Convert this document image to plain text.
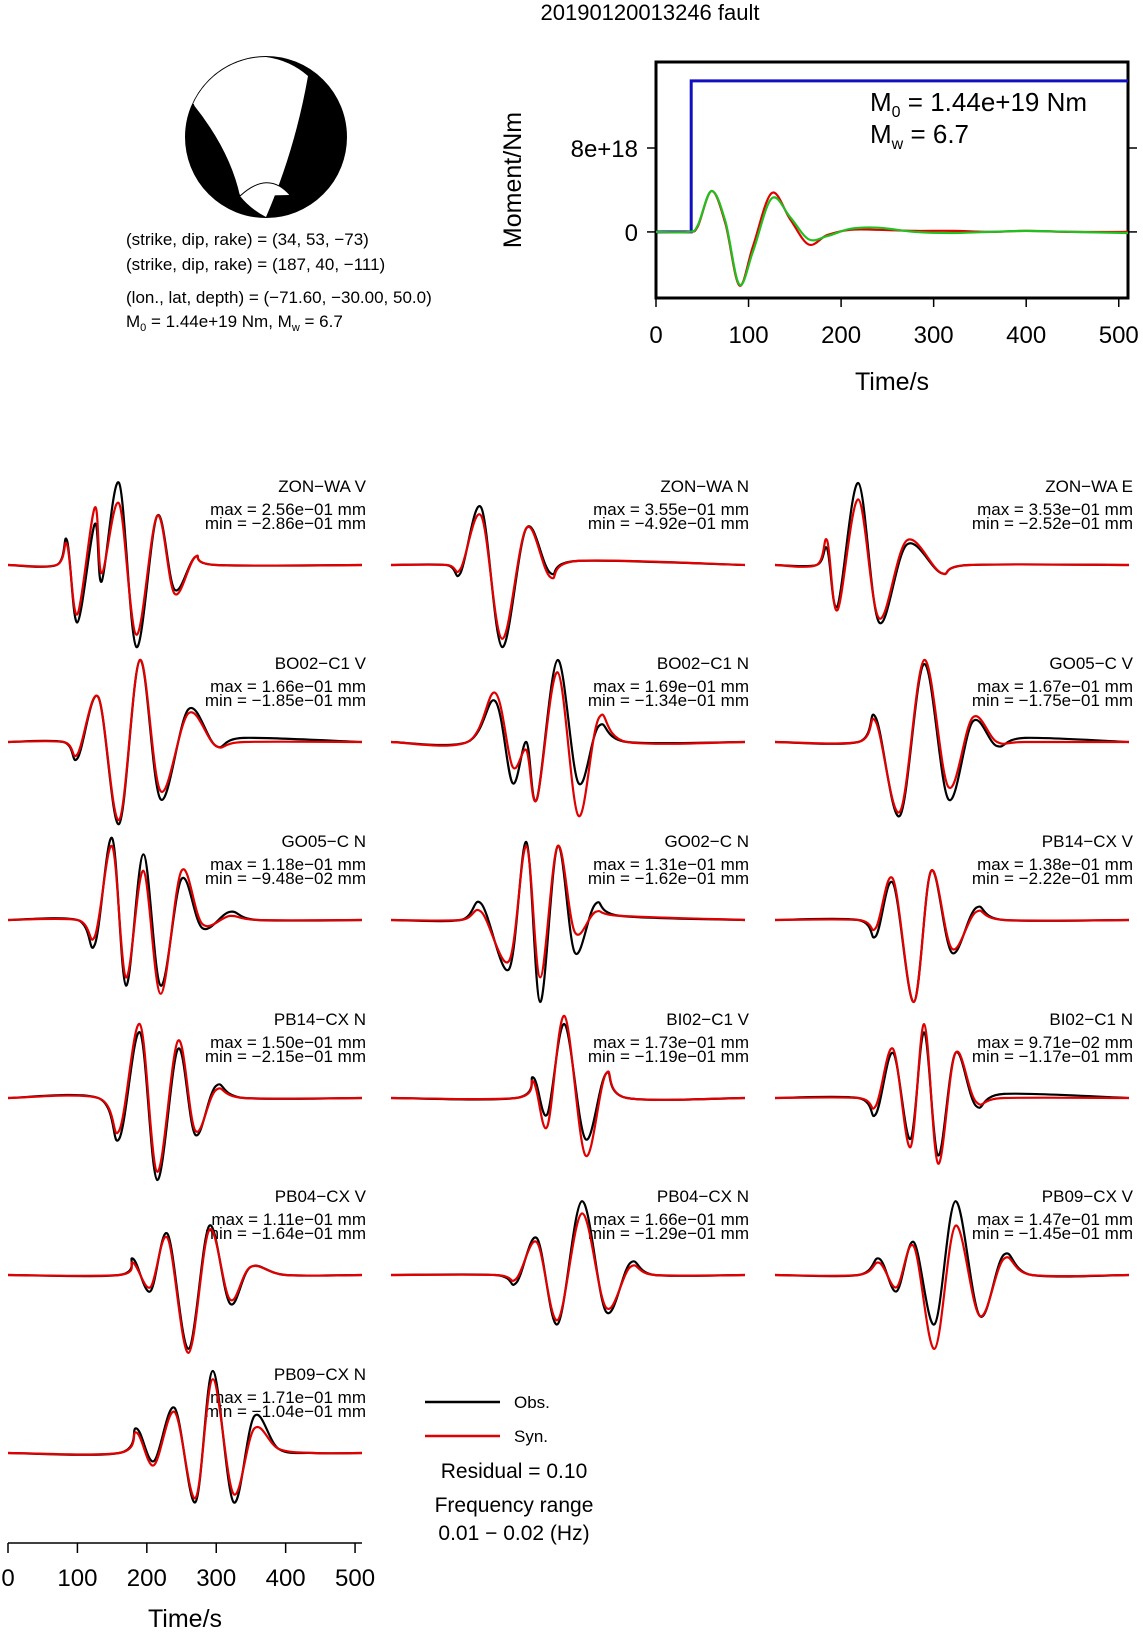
20190120013246 fault
(strike, dip, rake) = (34, 53, −73)
(strike, dip, rake) = (187, 40, −111)
(lon., lat, depth) = (−71.60, −30.00, 50.0)
$M_0 = 1.44e+19$ Nm, $M_w = 6.7$
0	100 200 300 400 500
0
8e+18
Time/s
Moment/Nm
$M_0 = 1.44e+19$ Nm
$M_w = 6.7$
ZON−WA V
max = 2.56e−01 mm
min = −2.86e−01 mm
ZON−WA N
max = 3.55e−01 mm
min = −4.92e−01 mm
ZON−WA E
max = 3.53e−01 mm
min = −2.52e−01 mm
BO02−C1 V
max = 1.66e−01 mm
min = −1.85e−01 mm
BO02−C1 N
max = 1.69e−01 mm
min = −1.34e−01 mm
GO05−C V
max = 1.67e−01 mm
min = −1.75e−01 mm
GO05−C N
max = 1.18e−01 mm
min = −9.48e−02 mm
GO02−C N
max = 1.31e−01 mm
min = −1.62e−01 mm
PB14−CX V
max = 1.38e−01 mm
min = −2.22e−01 mm
PB14−CX N
max = 1.50e−01 mm
min = −2.15e−01 mm
BI02−C1 V
max = 1.73e−01 mm
min = −1.19e−01 mm
BI02−C1 N
max = 9.71e−02 mm
min = −1.17e−01 mm
PB04−CX V
max = 1.11e−01 mm
min = −1.64e−01 mm
PB04−CX N
max = 1.66e−01 mm
min = −1.29e−01 mm
PB09−CX V
max = 1.47e−01 mm
min = −1.45e−01 mm
PB09−CX N
max = 1.71e−01 mm
min = −1.04e−01 mm
0 100 200 300 400 500
Time/s
Obs.
Syn.
Residual = 0.10
Frequency range
0.01 − 0.02 (Hz)
